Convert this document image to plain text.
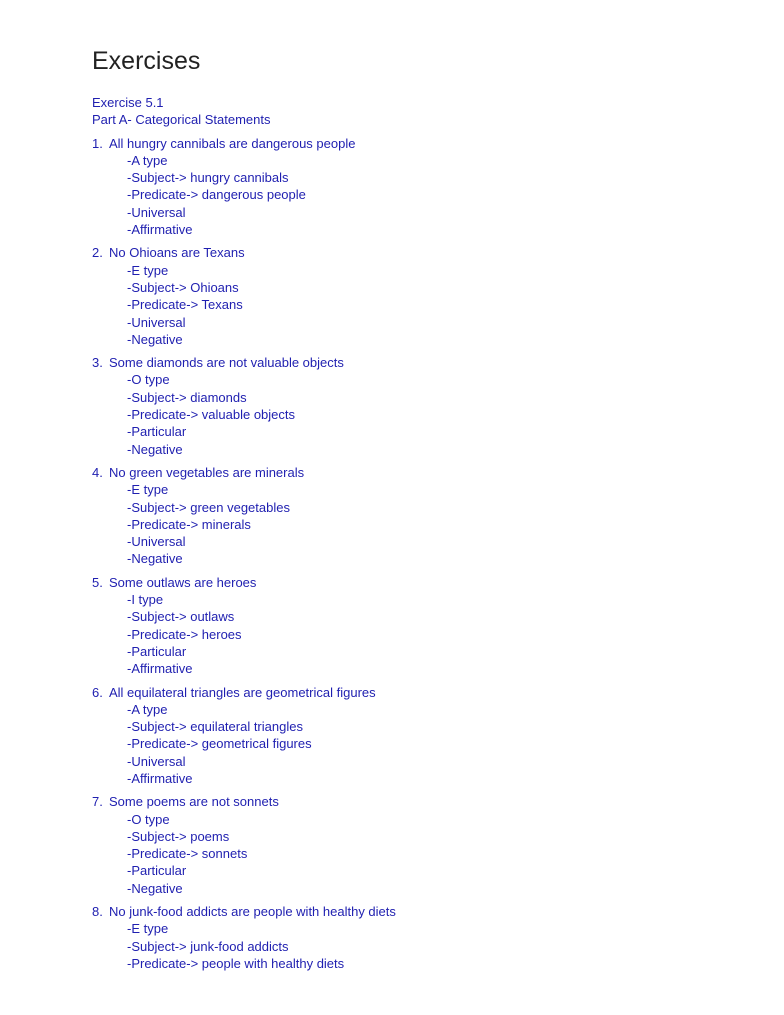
Exercises
Exercise 5.1
Part A- Categorical Statements
1. All hungry cannibals are dangerous people
-A type
-Subject-> hungry cannibals
-Predicate-> dangerous people
-Universal
-Affirmative
2. No Ohioans are Texans
-E type
-Subject-> Ohioans
-Predicate-> Texans
-Universal
-Negative
3. Some diamonds are not valuable objects
-O type
-Subject-> diamonds
-Predicate-> valuable objects
-Particular
-Negative
4. No green vegetables are minerals
-E type
-Subject-> green vegetables
-Predicate-> minerals
-Universal
-Negative
5. Some outlaws are heroes
-I type
-Subject-> outlaws
-Predicate-> heroes
-Particular
-Affirmative
6. All equilateral triangles are geometrical figures
-A type
-Subject-> equilateral triangles
-Predicate-> geometrical figures
-Universal
-Affirmative
7. Some poems are not sonnets
-O type
-Subject-> poems
-Predicate-> sonnets
-Particular
-Negative
8. No junk-food addicts are people with healthy diets
-E type
-Subject-> junk-food addicts
-Predicate-> people with healthy diets
